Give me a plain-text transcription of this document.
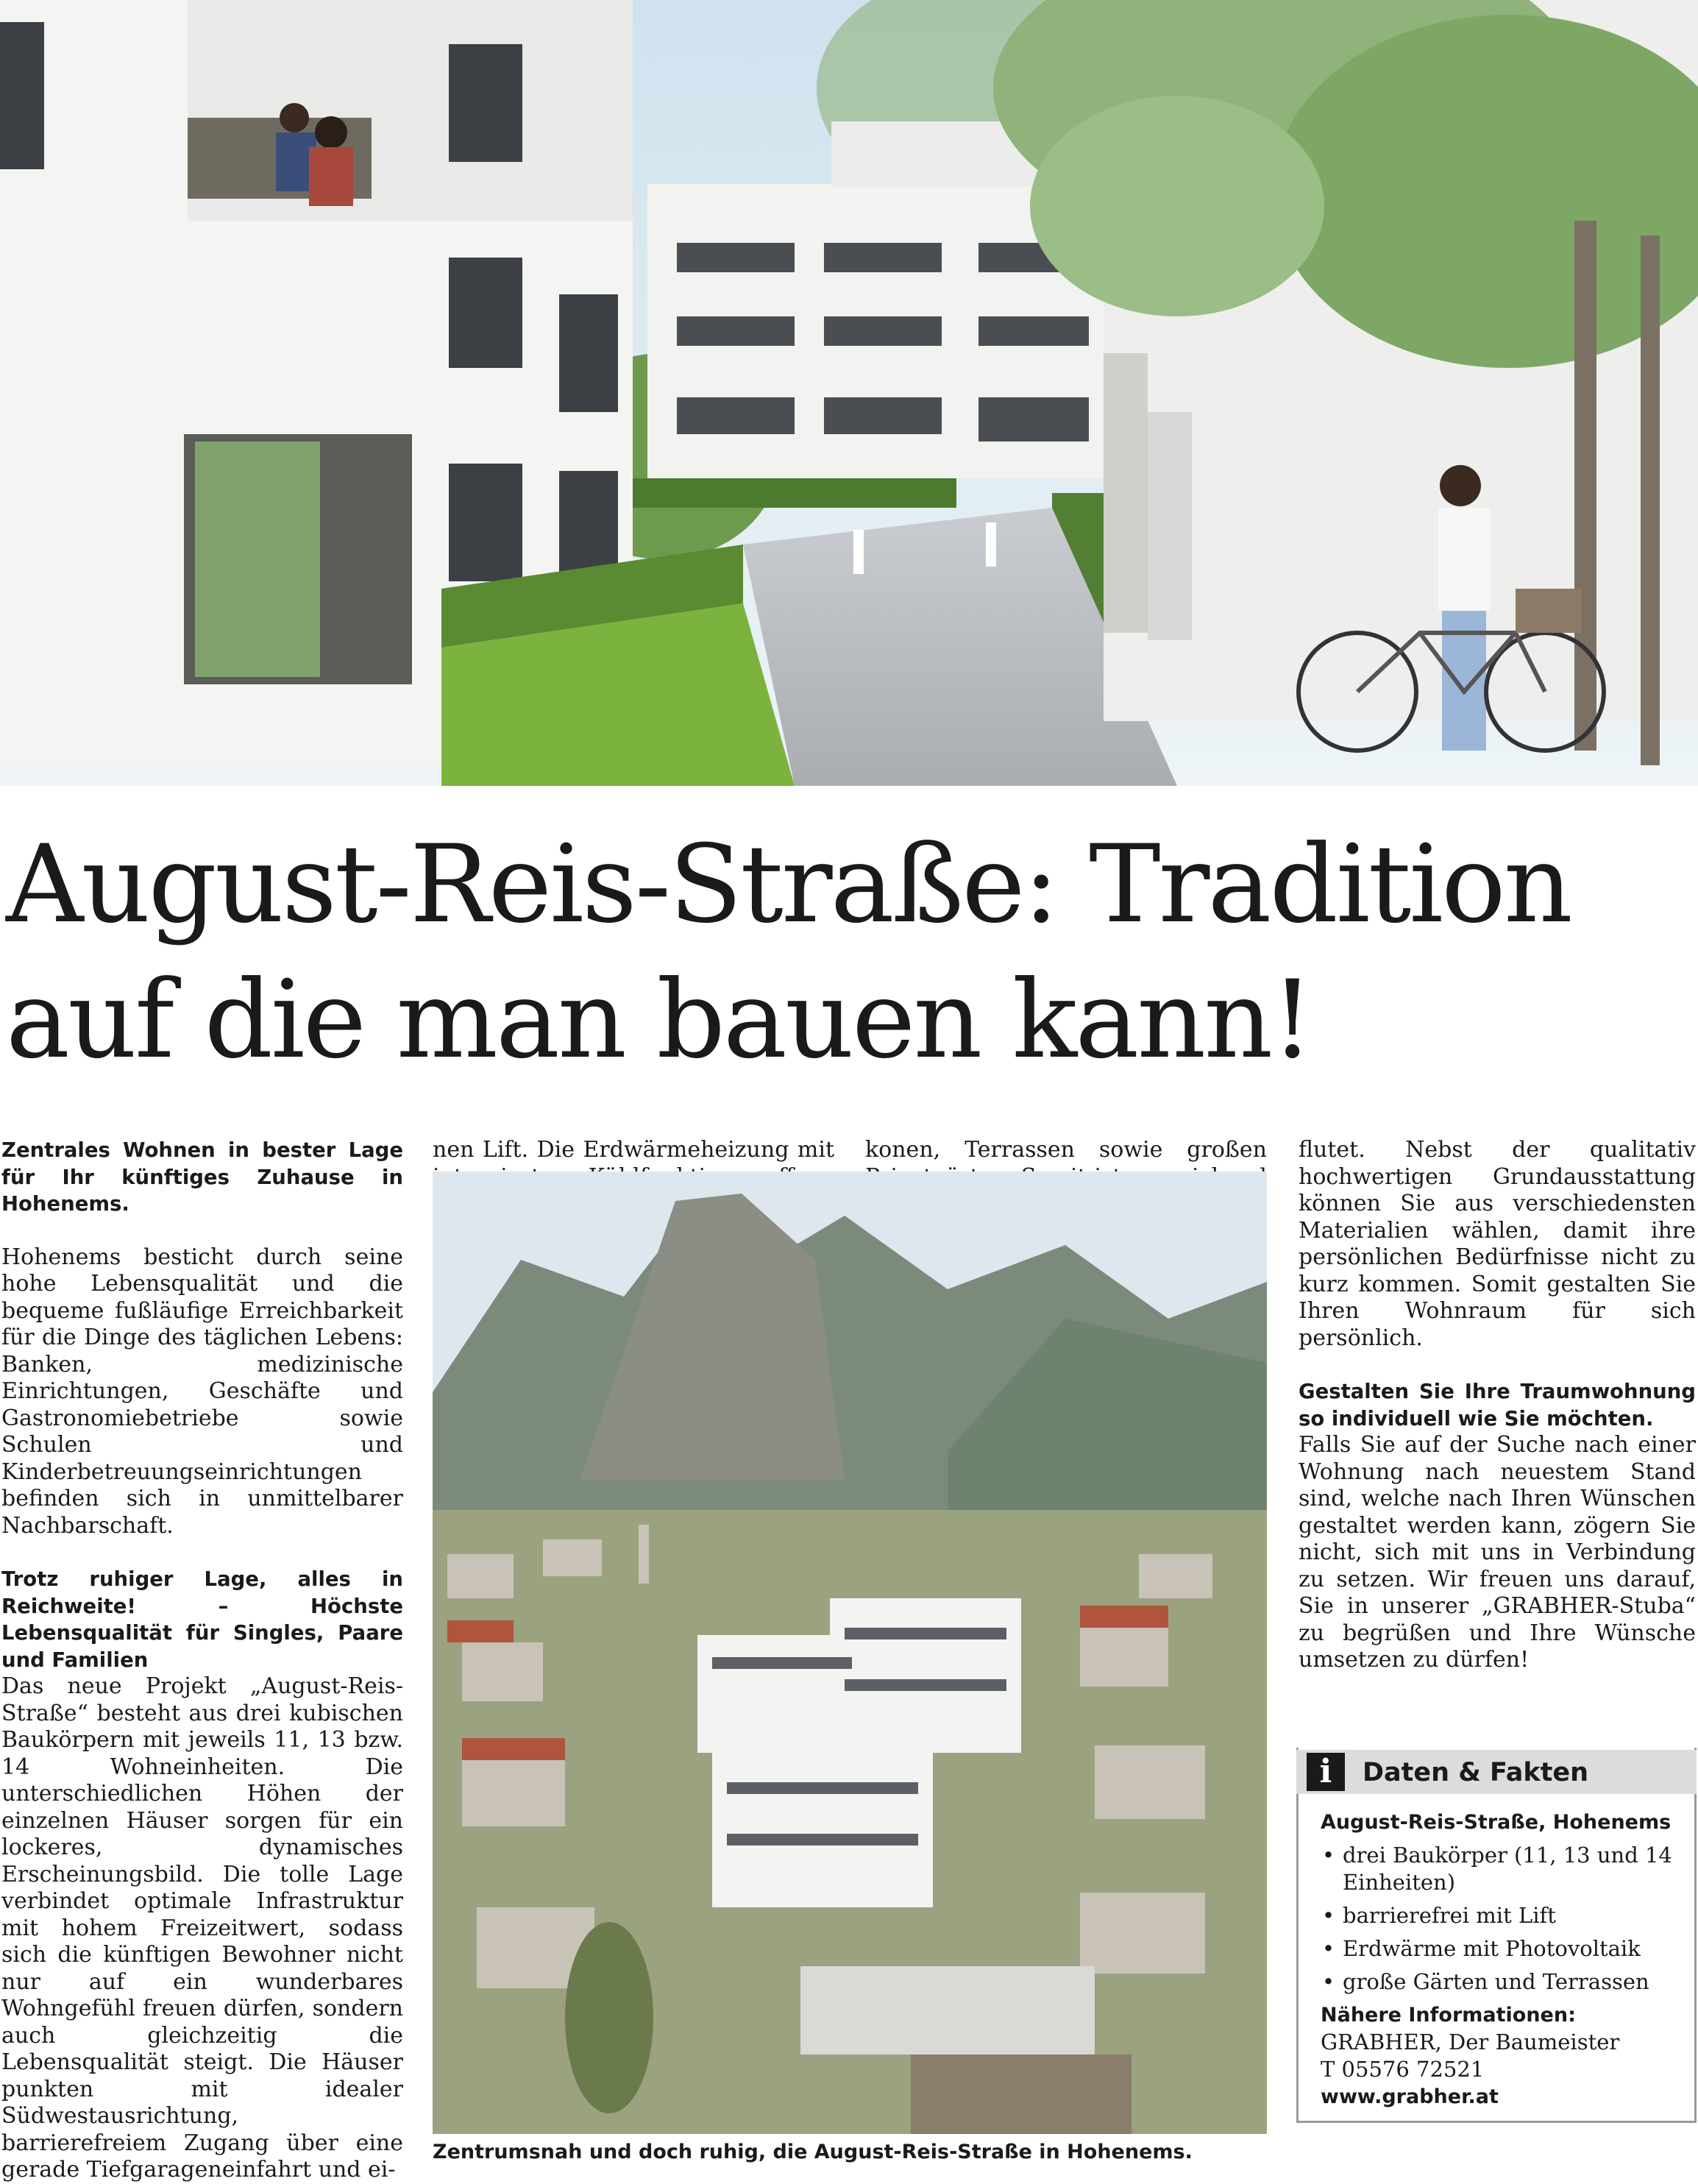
August-Reis-Straße: Tradition
auf die man bauen kann!

Zentrales Wohnen in bester Lage für Ihr künftiges Zuhause in Hohenems.

Hohenems besticht durch seine hohe Lebensqualität und die bequeme fußläufige Erreichbarkeit für die Dinge des täglichen Lebens: Banken, medizinische Einrichtungen, Geschäfte und Gastronomiebetriebe sowie Schulen und Kinderbetreuungseinrichtungen befinden sich in unmittelbarer Nachbarschaft.

Trotz ruhiger Lage, alles in Reichweite! – Höchste Lebensqualität für Singles, Paare und Familien

Das neue Projekt „August-Reis-Straße“ besteht aus drei kubischen Baukörpern mit jeweils 11, 13 bzw. 14 Wohneinheiten. Die unterschiedlichen Höhen der einzelnen Häuser sorgen für ein lockeres, dynamisches Erscheinungsbild. Die tolle Lage verbindet optimale Infrastruktur mit hohem Freizeitwert, sodass sich die künftigen Bewohner nicht nur auf ein wunderbares Wohngefühl freuen dürfen, sondern auch gleichzeitig die Lebensqualität steigt. Die Häuser punkten mit idealer Südwestausrichtung, barrierefreiem Zugang über eine gerade Tiefgarageneinfahrt und ei-

nen Lift. Die Erdwärmeheizung mit konen, Terrassen sowie großen flutet. Nebst der qualitativ hochwertigen Grundausstattung können Sie aus verschiedensten Materialien wählen, damit ihre persönlichen Bedürfnisse nicht zu kurz kommen. Somit gestalten Sie Ihren Wohnraum für sich persönlich.

Gestalten Sie Ihre Traumwohnung so individuell wie Sie möchten.

Falls Sie auf der Suche nach einer Wohnung nach neuestem Stand sind, welche nach Ihren Wünschen gestaltet werden kann, zögern Sie nicht, sich mit uns in Verbindung zu setzen. Wir freuen uns darauf, Sie in unserer „GRABHER-Stuba“ zu begrüßen und Ihre Wünsche umsetzen zu dürfen!

Zentrumsnah und doch ruhig, die August-Reis-Straße in Hohenems.
i	Daten & Fakten
August-Reis-Straße, Hohenems
• drei Baukörper (11, 13 und 14 Einheiten)
• barrierefrei mit Lift
• Erdwärme mit Photovoltaik
• große Gärten und Terrassen
Nähere Informationen:
GRABHER, Der Baumeister
T 05576 72521
www.grabher.at
